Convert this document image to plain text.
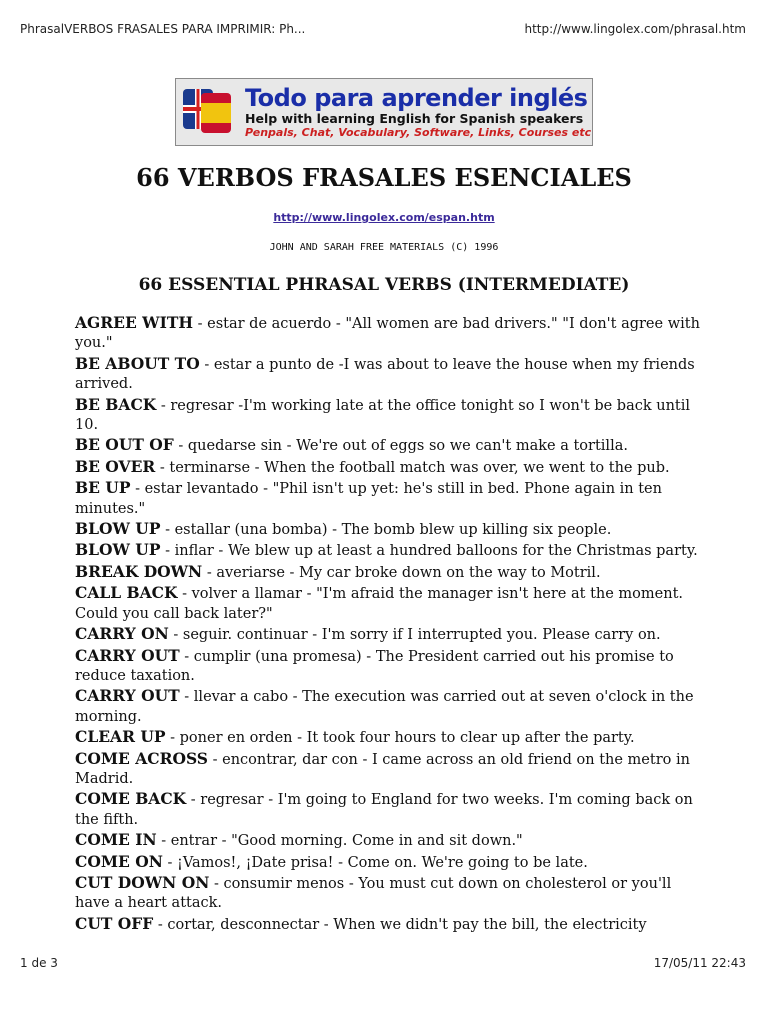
PhrasalVERBOS FRASALES PARA IMPRIMIR: Ph...	http://www.lingolex.com/phrasal.htm
Todo para aprender inglés
Help with learning English for Spanish speakers
Penpals, Chat, Vocabulary, Software, Links, Courses etc
66 VERBOS FRASALES ESENCIALES
http://www.lingolex.com/espan.htm
JOHN AND SARAH FREE MATERIALS (C) 1996
66 ESSENTIAL PHRASAL VERBS (INTERMEDIATE)

AGREE WITH - estar de acuerdo - "All women are bad drivers." "I don't agree with you."

BE ABOUT TO - estar a punto de -I was about to leave the house when my friends arrived.

BE BACK - regresar -I'm working late at the office tonight so I won't be back until 10.

BE OUT OF - quedarse sin - We're out of eggs so we can't make a tortilla.

BE OVER - terminarse - When the football match was over, we went to the pub.

BE UP - estar levantado - "Phil isn't up yet: he's still in bed. Phone again in ten minutes."

BLOW UP - estallar (una bomba) - The bomb blew up killing six people.

BLOW UP - inflar - We blew up at least a hundred balloons for the Christmas party.

BREAK DOWN - averiarse - My car broke down on the way to Motril.

CALL BACK - volver a llamar - "I'm afraid the manager isn't here at the moment. Could you call back later?"

CARRY ON - seguir. continuar - I'm sorry if I interrupted you. Please carry on.

CARRY OUT - cumplir (una promesa) - The President carried out his promise to reduce taxation.

CARRY OUT - llevar a cabo - The execution was carried out at seven o'clock in the morning.

CLEAR UP - poner en orden - It took four hours to clear up after the party.

COME ACROSS - encontrar, dar con - I came across an old friend on the metro in Madrid.

COME BACK - regresar - I'm going to England for two weeks. I'm coming back on the fifth.

COME IN - entrar - "Good morning. Come in and sit down."

COME ON - ¡Vamos!, ¡Date prisa! - Come on. We're going to be late.

CUT DOWN ON - consumir menos - You must cut down on cholesterol or you'll have a heart attack.

CUT OFF - cortar, desconnectar - When we didn't pay the bill, the electricity

1 de 3	17/05/11 22:43
